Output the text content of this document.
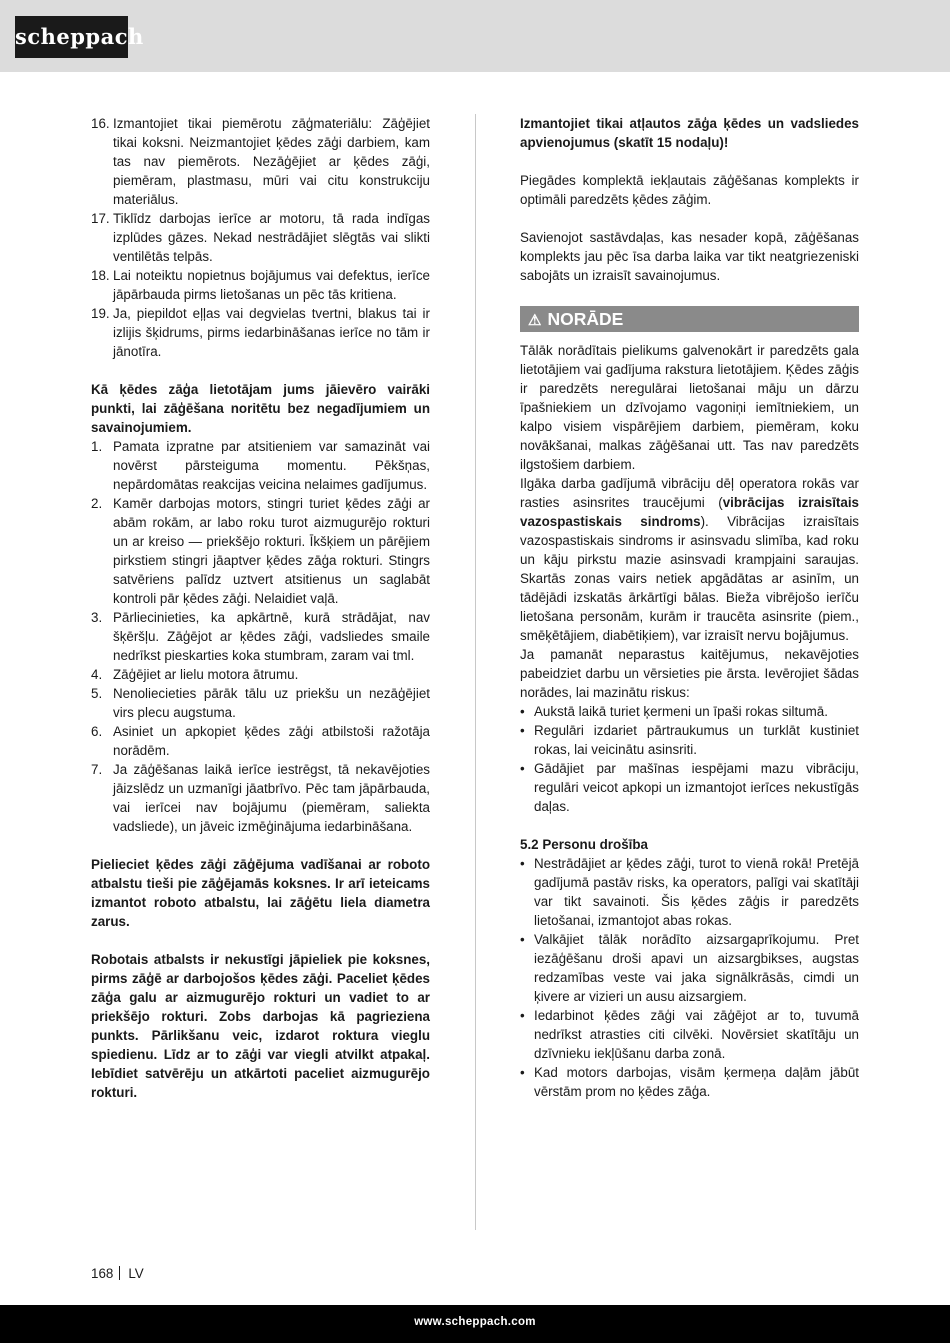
scheppach
16. Izmantojiet tikai piemērotu zāģmateriālu: Zāģējiet tikai koksni. Neizmantojiet ķēdes zāģi darbiem, kam tas nav piemērots. Nezāģējiet ar ķēdes zāģi, piemēram, plastmasu, mūri vai citu konstrukciju materiālus.
17. Tiklīdz darbojas ierīce ar motoru, tā rada indīgas izplūdes gāzes. Nekad nestrādājiet slēgtās vai slikti ventilētās telpās.
18. Lai noteiktu nopietnus bojājumus vai defektus, ierīce jāpārbauda pirms lietošanas un pēc tās kritiena.
19. Ja, piepildot eļļas vai degvielas tvertni, blakus tai ir izlijis šķidrums, pirms iedarbināšanas ierīce no tām ir jānotīra.

Kā ķēdes zāģa lietotājam jums jāievēro vairāki punkti, lai zāģēšana noritētu bez negadījumiem un savainojumiem.

1. Pamata izpratne par atsitieniem var samazināt vai novērst pārsteiguma momentu. Pēkšņas, nepārdomātas reakcijas veicina nelaimes gadījumus.
2. Kamēr darbojas motors, stingri turiet ķēdes zāģi ar abām rokām, ar labo roku turot aizmugurējo rokturi un ar kreiso — priekšējo rokturi. Īkšķiem un pārējiem pirkstiem stingri jāaptver ķēdes zāģa rokturi. Stingrs satvēriens palīdz uztvert atsitienus un saglabāt kontroli pār ķēdes zāģi. Nelaidiet vaļā.
3. Pārliecinieties, ka apkārtnē, kurā strādājat, nav šķēršļu. Zāģējot ar ķēdes zāģi, vadsliedes smaile nedrīkst pieskarties koka stumbram, zaram vai tml.
4. Zāģējiet ar lielu motora ātrumu.
5. Nenoliecieties pārāk tālu uz priekšu un nezāģējiet virs plecu augstuma.
6. Asiniet un apkopiet ķēdes zāģi atbilstoši ražotāja norādēm.
7. Ja zāģēšanas laikā ierīce iestrēgst, tā nekavējoties jāizslēdz un uzmanīgi jāatbrīvo. Pēc tam jāpārbauda, vai ierīcei nav bojājumu (piemēram, saliekta vadsliede), un jāveic izmēģinājuma iedarbināšana.

Pielieciet ķēdes zāģi zāģējuma vadīšanai ar roboto atbalstu tieši pie zāģējamās koksnes. Ir arī ieteicams izmantot roboto atbalstu, lai zāģētu liela diametra zarus.

Robotais atbalsts ir nekustīgi jāpieliek pie koksnes, pirms zāģē ar darbojošos ķēdes zāģi. Paceliet ķēdes zāģa galu ar aizmugurējo rokturi un vadiet to ar priekšējo rokturi. Zobs darbojas kā pagrieziena punkts. Pārlikšanu veic, izdarot roktura vieglu spiedienu. Līdz ar to zāģi var viegli atvilkt atpakaļ. Iebīdiet satvērēju un atkārtoti paceliet aizmugurējo rokturi.

Izmantojiet tikai atļautos zāģa ķēdes un vadsliedes apvienojumus (skatīt 15 nodaļu)!

Piegādes komplektā iekļautais zāģēšanas komplekts ir optimāli paredzēts ķēdes zāģim.

Savienojot sastāvdaļas, kas nesader kopā, zāģēšanas komplekts jau pēc īsa darba laika var tikt neatgriezeniski sabojāts un izraisīt savainojumus.

⚠ NORĀDE

Tālāk norādītais pielikums galvenokārt ir paredzēts gala lietotājiem vai gadījuma rakstura lietotājiem. Ķēdes zāģis ir paredzēts neregulārai lietošanai māju un dārzu īpašniekiem un dzīvojamo vagoniņi iemītniekiem, un kalpo visiem vispārējiem darbiem, piemēram, koku novākšanai, malkas zāģēšanai utt. Tas nav paredzēts ilgstošiem darbiem.

Ilgāka darba gadījumā vibrāciju dēļ operatora rokās var rasties asinsrites traucējumi (vibrācijas izraisītais vazospastiskais sindroms). Vibrācijas izraisītais vazospastiskais sindroms ir asinsvadu slimība, kad roku un kāju pirkstu mazie asinsvadi krampjaini saraujas. Skartās zonas vairs netiek apgādātas ar asinīm, un tādējādi izskatās ārkārtīgi bālas. Bieža vibrējošo ierīču lietošana personām, kurām ir traucēta asinsrite (piem., smēķētājiem, diabētiķiem), var izraisīt nervu bojājumus.

Ja pamanāt neparastus kaitējumus, nekavējoties pabeidziet darbu un vērsieties pie ārsta. Ievērojiet šādas norādes, lai mazinātu riskus:

• Aukstā laikā turiet ķermeni un īpaši rokas siltumā.
• Regulāri izdariet pārtraukumus un turklāt kustiniet rokas, lai veicinātu asinsriti.
• Gādājiet par mašīnas iespējami mazu vibrāciju, regulāri veicot apkopi un izmantojot ierīces nekustīgās daļas.

5.2 Personu drošība

• Nestrādājiet ar ķēdes zāģi, turot to vienā rokā! Pretējā gadījumā pastāv risks, ka operators, palīgi vai skatītāji var tikt savainoti. Šis ķēdes zāģis ir paredzēts lietošanai, izmantojot abas rokas.
• Valkājiet tālāk norādīto aizsargaprīkojumu. Pret iezāģēšanu droši apavi un aizsargbikses, augstas redzamības veste vai jaka signālkrāsās, cimdi un ķivere ar vizieri un ausu aizsargiem.
• Iedarbinot ķēdes zāģi vai zāģējot ar to, tuvumā nedrīkst atrasties citi cilvēki. Novērsiet skatītāju un dzīvnieku iekļūšanu darba zonā.
• Kad motors darbojas, visām ķermeņa daļām jābūt vērstām prom no ķēdes zāģa.
168 LV
www.scheppach.com
